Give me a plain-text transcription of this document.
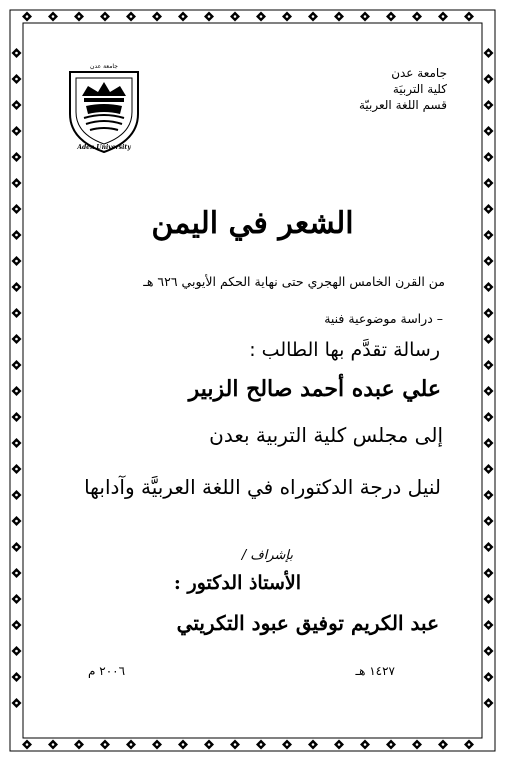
جامعة عدن
كلية التربيَة
قسم اللغة العربيّة
جامعة عدن
Aden University
الشعر في اليمن
من القرن الخامس الهجري حتى نهاية الحكم الأيوبي ٦٢٦ هـ
– دراسة موضوعية فنية
رسالة تقدَّم بها الطالب :
علي عبده أحمد صالح الزبير
إلى مجلس كلية التربية بعدن
لنيل درجة الدكتوراه في اللغة العربيَّة وآدابها
بإشراف /
الأستاذ الدكتور :
عبد الكريم توفيق عبود التكريتي
١٤٢٧ هـ
٢٠٠٦ م
